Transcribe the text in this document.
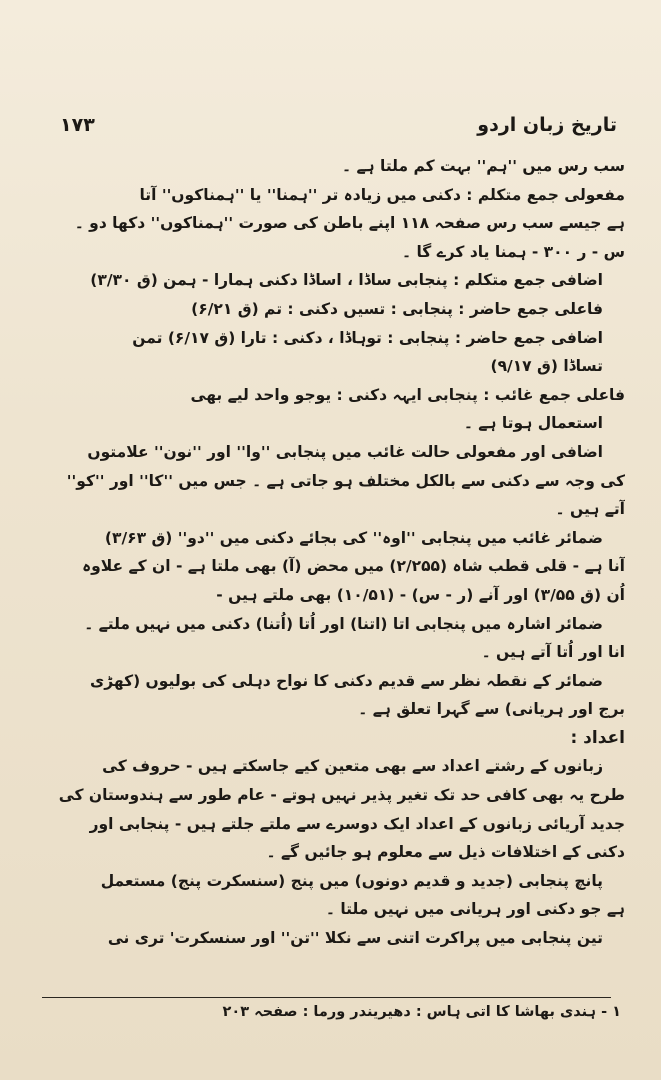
۱۷۳	تاریخ زبان اردو
سب رس میں ''ہم'' بہت کم ملتا ہے ۔
مفعولی جمع متکلم : دکنی میں زیادہ تر ''ہمنا'' یا ''ہمناکوں'' آتا
ہے جیسے سب رس صفحہ ۱۱۸ اپنے باطن کی صورت ''ہمناکوں'' دکھا دو ۔
س - ر ۳۰۰ - ہمنا یاد کرے گا ۔
اضافی جمع متکلم : پنجابی ساڈا ، اساڈا دکنی ہمارا - ہمن (ق ۳/۳۰)
فاعلی جمع حاضر : پنجابی : تسیں دکنی : تم (ق ۶/۲۱)
اضافی جمع حاضر : پنجابی : توہاڈا ، دکنی : تارا (ق ۶/۱۷) تمن
تساڈا (ق ۹/۱۷)
فاعلی جمع غائب : پنجابی ایہہ دکنی : یوجو واحد لیے بھی
استعمال ہوتا ہے ۔
اضافی اور مفعولی حالت غائب میں پنجابی ''وا'' اور ''نون'' علامتوں
کی وجہ سے دکنی سے بالکل مختلف ہو جاتی ہے ۔ جس میں ''کا'' اور ''کو''
آتے ہیں ۔
ضمائر غائب میں پنجابی ''اوہ'' کی بجائے دکنی میں ''دو'' (ق ۳/۶۳)
آنا ہے - قلی قطب شاہ (۲/۲۵۵) میں محض (آ) بھی ملتا ہے - ان کے علاوہ
اُن (ق ۳/۵۵) اور آنے (ر - س) - (۱۰/۵۱) بھی ملتے ہیں -
ضمائر اشارہ میں پنجابی اتا (اتنا) اور اُتا (اُتنا) دکنی میں نہیں ملتے ۔
انا اور اُتا آتے ہیں ۔
ضمائر کے نقطہ نظر سے قدیم دکنی کا نواح دہلی کی بولیوں (کھڑی
برج اور ہریانی) سے گہرا تعلق ہے ۔
اعداد :
زبانوں کے رشتے اعداد سے بھی متعین کیے جاسکتے ہیں - حروف کی
طرح یہ بھی کافی حد تک تغیر پذیر نہیں ہوتے - عام طور سے ہندوستان کی
جدید آریائی زبانوں کے اعداد ایک دوسرے سے ملتے جلتے ہیں - پنجابی اور
دکنی کے اختلافات ذیل سے معلوم ہو جائیں گے ۔
پانچ پنجابی (جدید و قدیم دونوں) میں پنج (سنسکرت پنج) مستعمل
ہے جو دکنی اور ہریانی میں نہیں ملتا ۔
تین پنجابی میں پراکرت اتنی سے نکلا ''تن'' اور سنسکرت' تری نی
۱ - ہندی بھاشا کا اتی ہاس : دھیریندر ورما : صفحہ ۲۰۳
